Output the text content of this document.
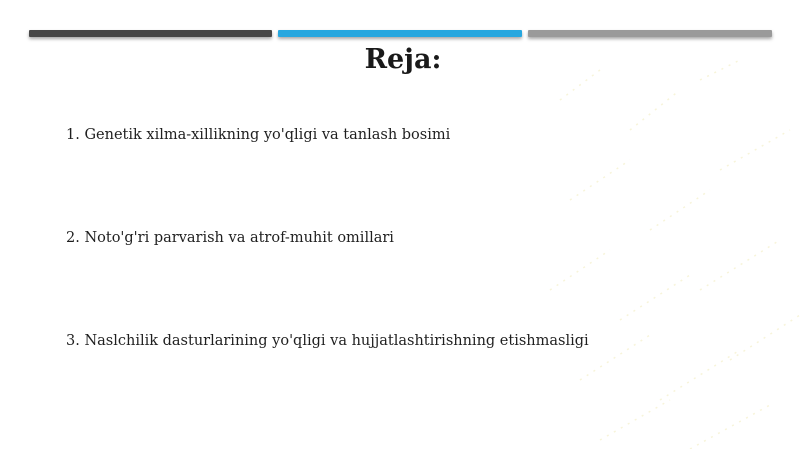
Reja:
1. Genetik xilma-xillikning yo'qligi va tanlash bosimi
2. Noto'g'ri parvarish va atrof-muhit omillari
3. Naslchilik dasturlarining yo'qligi va hujjatlashtirishning etishmasligi
